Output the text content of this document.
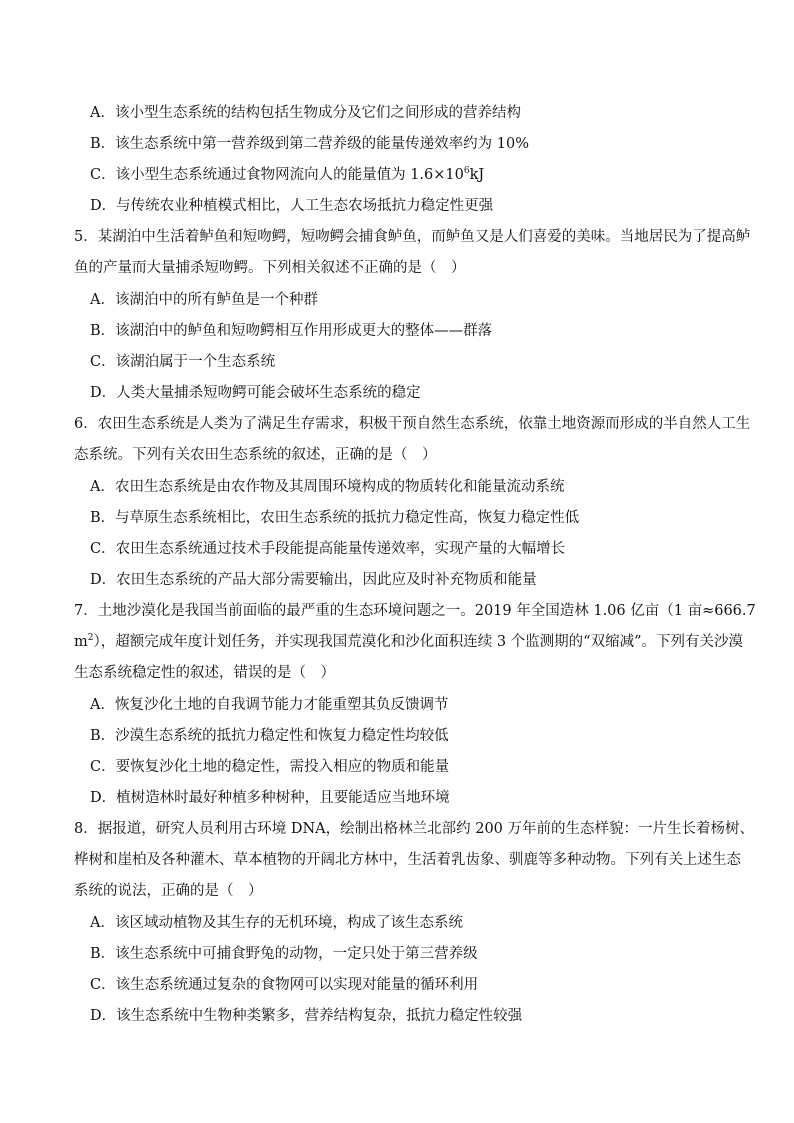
A．该小型生态系统的结构包括生物成分及它们之间形成的营养结构
B．该生态系统中第一营养级到第二营养级的能量传递效率约为 10%
C．该小型生态系统通过食物网流向人的能量值为 $1.6\times 10^6kJ$
D．与传统农业种植模式相比，人工生态农场抵抗力稳定性更强
5．某湖泊中生活着鲈鱼和短吻鳄，短吻鳄会捕食鲈鱼，而鲈鱼又是人们喜爱的美味。当地居民为了提高鲈
鱼的产量而大量捕杀短吻鳄。下列相关叙述不正确的是（　）
A．该湖泊中的所有鲈鱼是一个种群
B．该湖泊中的鲈鱼和短吻鳄相互作用形成更大的整体——群落
C．该湖泊属于一个生态系统
D．人类大量捕杀短吻鳄可能会破坏生态系统的稳定
6．农田生态系统是人类为了满足生存需求，积极干预自然生态系统，依靠土地资源而形成的半自然人工生
态系统。下列有关农田生态系统的叙述，正确的是（　）
A．农田生态系统是由农作物及其周围环境构成的物质转化和能量流动系统
B．与草原生态系统相比，农田生态系统的抵抗力稳定性高，恢复力稳定性低
C．农田生态系统通过技术手段能提高能量传递效率，实现产量的大幅增长
D．农田生态系统的产品大部分需要输出，因此应及时补充物质和能量
7．土地沙漠化是我国当前面临的最严重的生态环境问题之一。2019 年全国造林 1.06 亿亩（1 亩≈666.7
$m^2$），超额完成年度计划任务，并实现我国荒漠化和沙化面积连续 3 个监测期的“双缩减”。下列有关沙漠
生态系统稳定性的叙述，错误的是（　）
A．恢复沙化土地的自我调节能力才能重塑其负反馈调节
B．沙漠生态系统的抵抗力稳定性和恢复力稳定性均较低
C．要恢复沙化土地的稳定性，需投入相应的物质和能量
D．植树造林时最好种植多种树种，且要能适应当地环境
8．据报道，研究人员利用古环境 DNA，绘制出格林兰北部约 200 万年前的生态样貌：一片生长着杨树、
桦树和崖柏及各种灌木、草本植物的开阔北方林中，生活着乳齿象、驯鹿等多种动物。下列有关上述生态
系统的说法，正确的是（　）
A．该区域动植物及其生存的无机环境，构成了该生态系统
B．该生态系统中可捕食野兔的动物，一定只处于第三营养级
C．该生态系统通过复杂的食物网可以实现对能量的循环利用
D．该生态系统中生物种类繁多，营养结构复杂，抵抗力稳定性较强
